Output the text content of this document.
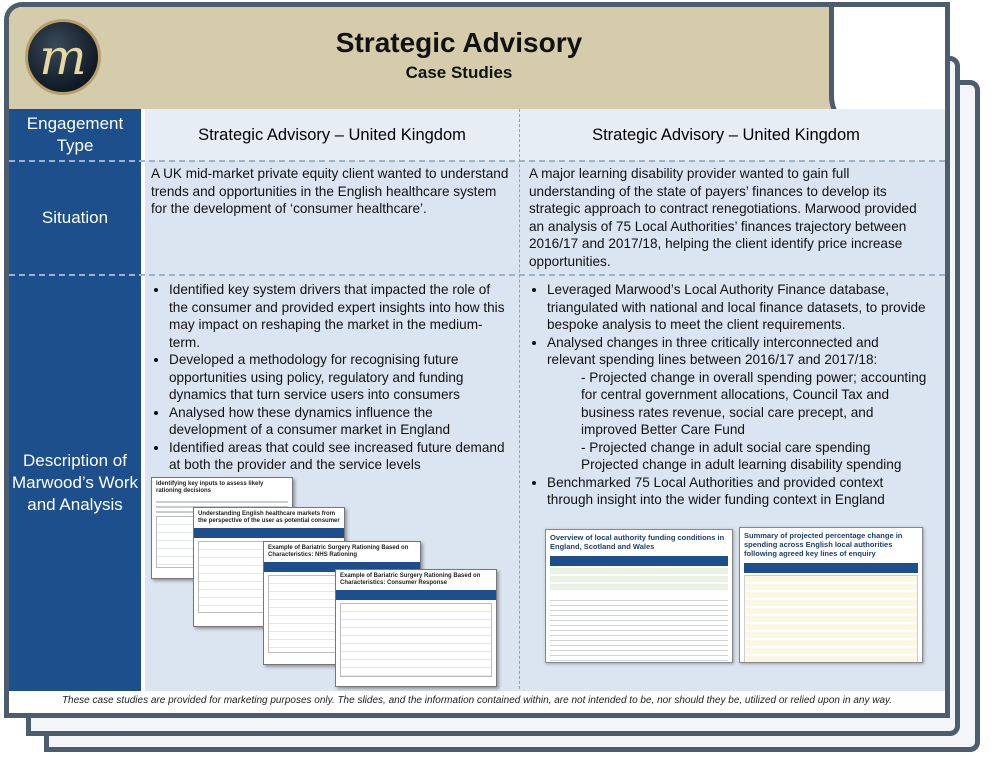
m	Strategic Advisory
Case Studies
Engagement Type
Situation
Description of Marwood’s Work and Analysis
Strategic Advisory – United Kingdom	Strategic Advisory – United Kingdom
A UK mid-market private equity client wanted to understand trends and opportunities in the English healthcare system for the development of ‘consumer healthcare’.
A major learning disability provider wanted to gain full understanding of the state of payers’ finances to develop its strategic approach to contract renegotiations. Marwood provided an analysis of 75 Local Authorities’ finances trajectory between 2016/17 and 2017/18, helping the client identify price increase opportunities.
• Identified key system drivers that impacted the role of the consumer and provided expert insights into how this may impact on reshaping the market in the medium-term.
• Developed a methodology for recognising future opportunities using policy, regulatory and funding dynamics that turn service users into consumers
• Analysed how these dynamics influence the development of a consumer market in England
• Identified areas that could see increased future demand at both the provider and the service levels
Identifying key inputs to assess likely rationing decisions
Understanding English healthcare markets from the perspective of the user as potential consumer

Example of Bariatric Surgery Rationing Based on Characteristics: NHS Rationing

Example of Bariatric Surgery Rationing Based on Characteristics: Consumer Response

• Leveraged Marwood’s Local Authority Finance database, triangulated with national and local finance datasets, to provide bespoke analysis to meet the client requirements.
• Analysed changes in three critically interconnected and relevant spending lines between 2016/17 and 2017/18:
- Projected change in overall spending power; accounting for central government allocations, Council Tax and business rates revenue, social care precept, and improved Better Care Fund
- Projected change in adult social care spending
Projected change in adult learning disability spending
• Benchmarked 75 Local Authorities and provided context through insight into the wider funding context in England
Overview of local authority funding conditions in England, Scotland and Wales
Summary of projected percentage change in spending across English local authorities following agreed key lines of enquiry
These case studies are provided for marketing purposes only. The slides, and the information contained within, are not intended to be, nor should they be, utilized or relied upon in any way.
